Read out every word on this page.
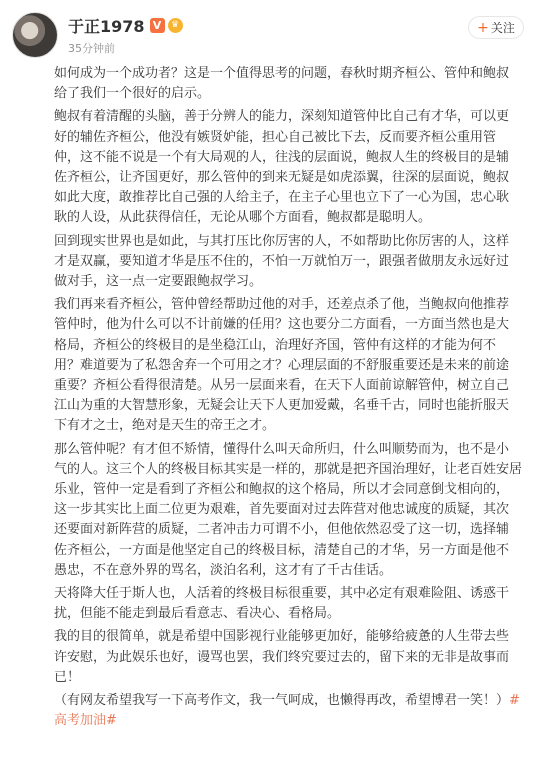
于正1978 V	♛
35分钟前
+ 关注

如何成为一个成功者？这是一个值得思考的问题，春秋时期齐桓公、管仲和鲍叔
给了我们一个很好的启示。

鲍叔有着清醒的头脑，善于分辨人的能力，深刻知道管仲比自己有才华，可以更
好的辅佐齐桓公，他没有嫉贤妒能，担心自己被比下去，反而要齐桓公重用管
仲，这不能不说是一个有大局观的人，往浅的层面说，鲍叔人生的终极目的是辅
佐齐桓公，让齐国更好，那么管仲的到来无疑是如虎添翼，往深的层面说，鲍叔
如此大度，敢推荐比自己强的人给主子，在主子心里也立下了一心为国，忠心耿
耿的人设，从此获得信任，无论从哪个方面看，鲍叔都是聪明人。

回到现实世界也是如此，与其打压比你厉害的人，不如帮助比你厉害的人，这样
才是双赢，要知道才华是压不住的，不怕一万就怕万一，跟强者做朋友永远好过
做对手，这一点一定要跟鲍叔学习。

我们再来看齐桓公，管仲曾经帮助过他的对手，还差点杀了他，当鲍叔向他推荐
管仲时，他为什么可以不计前嫌的任用？这也要分二方面看，一方面当然也是大
格局，齐桓公的终极目的是坐稳江山，治理好齐国，管仲有这样的才能为何不
用？难道要为了私怨舍弃一个可用之才？心理层面的不舒服重要还是未来的前途
重要？齐桓公看得很清楚。从另一层面来看，在天下人面前谅解管仲，树立自己
江山为重的大智慧形象，无疑会让天下人更加爱戴，名垂千古，同时也能折服天
下有才之士，绝对是天生的帝王之才。

那么管仲呢？有才但不矫情，懂得什么叫天命所归，什么叫顺势而为，也不是小
气的人。这三个人的终极目标其实是一样的，那就是把齐国治理好，让老百姓安居
乐业，管仲一定是看到了齐桓公和鲍叔的这个格局，所以才会同意倒戈相向的，
这一步其实比上面二位更为艰难，首先要面对过去阵营对他忠诚度的质疑，其次
还要面对新阵营的质疑，二者冲击力可谓不小，但他依然忍受了这一切，选择辅
佐齐桓公，一方面是他坚定自己的终极目标，清楚自己的才华，另一方面是他不
愚忠，不在意外界的骂名，淡泊名利，这才有了千古佳话。

天将降大任于斯人也，人活着的终极目标很重要，其中必定有艰难险阻、诱惑干
扰，但能不能走到最后看意志、看决心、看格局。

我的目的很简单，就是希望中国影视行业能够更加好，能够给疲惫的人生带去些
许安慰，为此娱乐也好，谩骂也罢，我们终究要过去的，留下来的无非是故事而
已！

（有网友希望我写一下高考作文，我一气呵成，也懒得再改，希望博君一笑！）#
高考加油#
